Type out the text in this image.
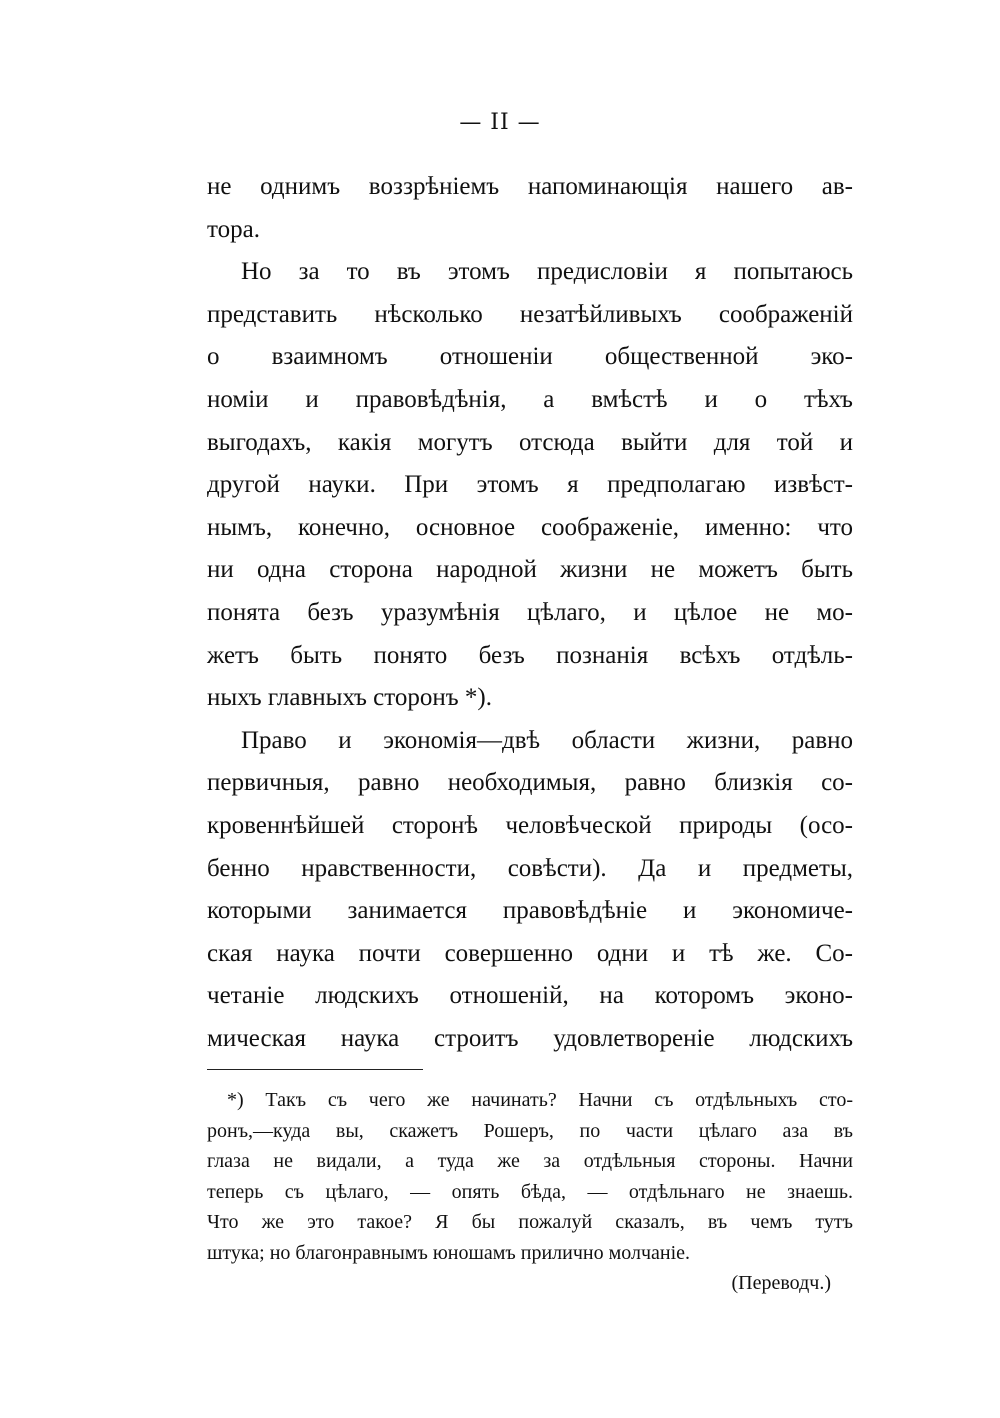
— II —
не однимъ воззрѣніемъ напоминающія нашего ав-
тора.
Но за то въ этомъ предисловіи я попытаюсь
представить нѣсколько незатѣйливыхъ соображеній
о взаимномъ отношеніи общественной эко-
номіи и правовѣдѣнія, а вмѣстѣ и о тѣхъ
выгодахъ, какія могутъ отсюда выйти для той и
другой науки. При этомъ я предполагаю извѣст-
нымъ, конечно, основное соображеніе, именно: что
ни одна сторона народной жизни не можетъ быть
понята безъ уразумѣнія цѣлаго, и цѣлое не мо-
жетъ быть понято безъ познанія всѣхъ отдѣль-
ныхъ главныхъ сторонъ *).
Право и экономія—двѣ области жизни, равно
первичныя, равно необходимыя, равно близкія со-
кровеннѣйшей сторонѣ человѣческой природы (осо-
бенно нравственности, совѣсти). Да и предметы,
которыми занимается правовѣдѣніе и экономиче-
ская наука почти совершенно одни и тѣ же. Со-
четаніе людскихъ отношеній, на которомъ эконо-
мическая наука строитъ удовлетвореніе людскихъ
*) Такъ съ чего же начинать? Начни съ отдѣльныхъ сто-
ронъ,—куда вы, скажетъ Рошеръ, по части цѣлаго аза въ
глаза не видали, а туда же за отдѣльныя стороны. Начни
теперь съ цѣлаго, — опять бѣда, — отдѣльнаго не знаешь.
Что же это такое? Я бы пожалуй сказалъ, въ чемъ тутъ
штука; но благонравнымъ юношамъ прилично молчаніе.
(Переводч.)
